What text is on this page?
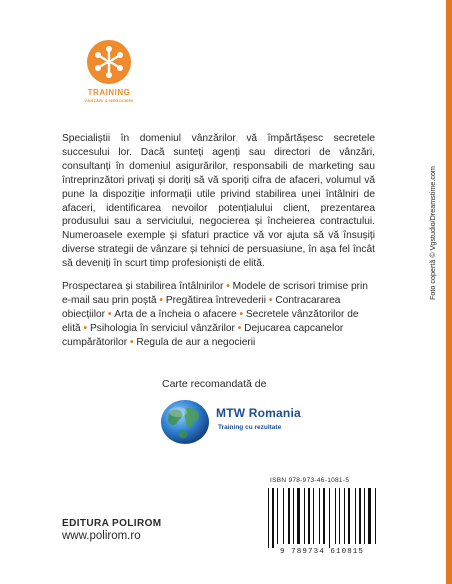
TRAINING
VÂNZĂRI & NEGOCIERI
Specialiștii în domeniul vânzărilor vă împărtășesc secretele succesului lor. Dacă sunteți agenți sau directori de vânzări, consultanți în domeniul asigurărilor, responsabili de marketing sau întreprinzători privați și doriți să vă sporiți cifra de afaceri, volumul vă pune la dispoziție informații utile privind stabilirea unei întâlniri de afaceri, identificarea nevoilor potențialului client, prezentarea produsului sau a serviciului, negocierea și încheierea contractului. Numeroasele exemple și sfaturi practice vă vor ajuta să vă însușiți diverse strategii de vânzare și tehnici de persuasiune, în așa fel încât să deveniți în scurt timp profesioniști de elită.
Prospectarea și stabilirea întâlnirilor • Modele de scrisori trimise prin e-mail sau prin poștă • Pregătirea întrevederii • Contracararea obiecțiilor • Arta de a încheia o afacere • Secretele vânzătorilor de elită • Psihologia în serviciul vânzărilor • Dejucarea capcanelor cumpărătorilor • Regula de aur a negocierii
Carte recomandată de
MTW Romania
Training cu rezultate
ISBN 978-973-46-1081-5
9 789734 610815
EDITURA POLIROM
www.polirom.ro
Foto copertă © Vgstudio/Dreamstime.com
